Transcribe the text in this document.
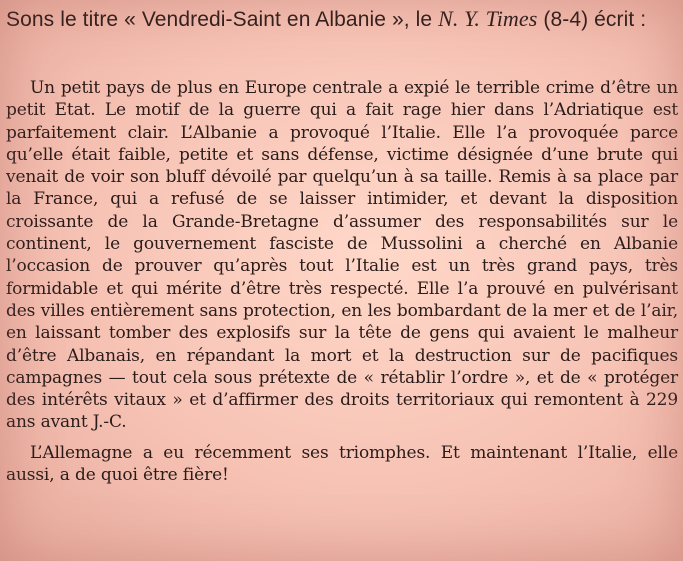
Sons le titre « Vendredi-Saint en Albanie », le N. Y. Times (8-4) écrit :

Un petit pays de plus en Europe centrale a expié le terrible crime d’être un petit Etat. Le motif de la guerre qui a fait rage hier dans l’Adriatique est parfaitement clair. L’Albanie a provoqué l’Italie. Elle l’a provoquée parce qu’elle était faible, petite et sans défense, victime désignée d’une brute qui venait de voir son bluff dévoilé par quelqu’un à sa taille. Remis à sa place par la France, qui a refusé de se laisser intimider, et devant la disposition croissante de la Grande-Bretagne d’assumer des responsabilités sur le continent, le gouvernement fasciste de Mussolini a cherché en Albanie l’occasion de prouver qu’après tout l’Italie est un très grand pays, très formidable et qui mérite d’être très respecté. Elle l’a prouvé en pulvérisant des villes entièrement sans protection, en les bombardant de la mer et de l’air, en laissant tomber des explosifs sur la tête de gens qui avaient le malheur d’être Albanais, en répandant la mort et la destruction sur de pacifiques campagnes — tout cela sous prétexte de « rétablir l’ordre », et de « protéger des intérêts vitaux » et d’affirmer des droits territoriaux qui remontent à 229 ans avant J.-C.

L’Allemagne a eu récemment ses triomphes. Et maintenant l’Italie, elle aussi, a de quoi être fière!
